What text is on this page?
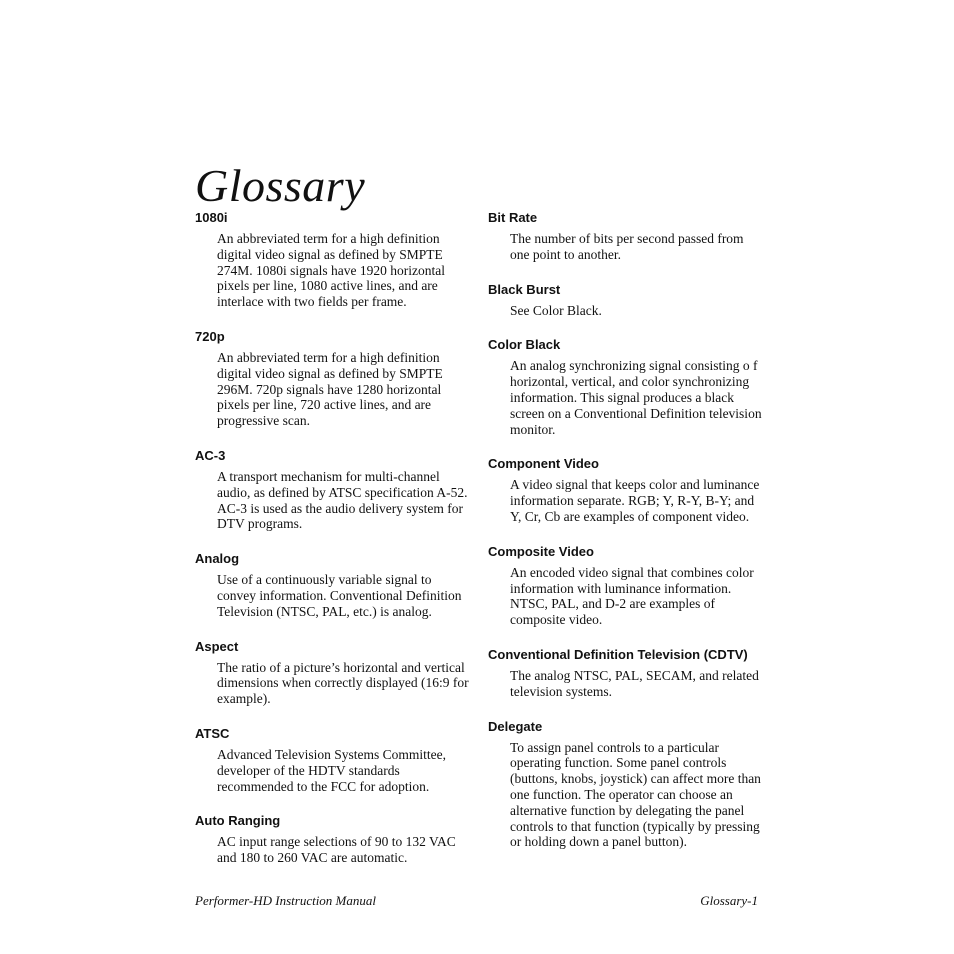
Glossary
1080i
An abbreviated term for a high definition digital video signal as defined by SMPTE 274M. 1080i signals have 1920 horizontal pixels per line, 1080 active lines, and are interlace with two fields per frame.
720p
An abbreviated term for a high definition digital video signal as defined by SMPTE 296M. 720p signals have 1280 horizontal pixels per line, 720 active lines, and are progressive scan.
AC-3
A transport mechanism for multi-channel audio, as defined by ATSC specification A-52. AC-3 is used as the audio delivery system for DTV programs.
Analog
Use of a continuously variable signal to convey information. Conventional Definition Television (NTSC, PAL, etc.) is analog.
Aspect
The ratio of a picture’s horizontal and vertical dimensions when correctly displayed (16:9 for example).
ATSC
Advanced Television Systems Committee, developer of the HDTV standards recommended to the FCC for adoption.
Auto Ranging
AC input range selections of 90 to 132 VAC and 180 to 260 VAC are automatic.
Bit Rate
The number of bits per second passed from one point to another.
Black Burst
See Color Black.
Color Black
An analog synchronizing signal consisting o f horizontal, vertical, and color synchronizing information. This signal produces a black screen on a Conventional Definition television monitor.
Component Video
A video signal that keeps color and luminance information separate. RGB; Y, R-Y, B-Y; and Y, Cr, Cb are examples of component video.
Composite Video
An encoded video signal that combines color information with luminance information. NTSC, PAL, and D-2 are examples of composite video.
Conventional Definition Television (CDTV)
The analog NTSC, PAL, SECAM, and related television systems.
Delegate
To assign panel controls to a particular operating function. Some panel controls (buttons, knobs, joystick) can affect more than one function. The operator can choose an alternative function by delegating the panel controls to that function (typically by pressing or holding down a panel button).
Performer-HD Instruction Manual	Glossary-1
